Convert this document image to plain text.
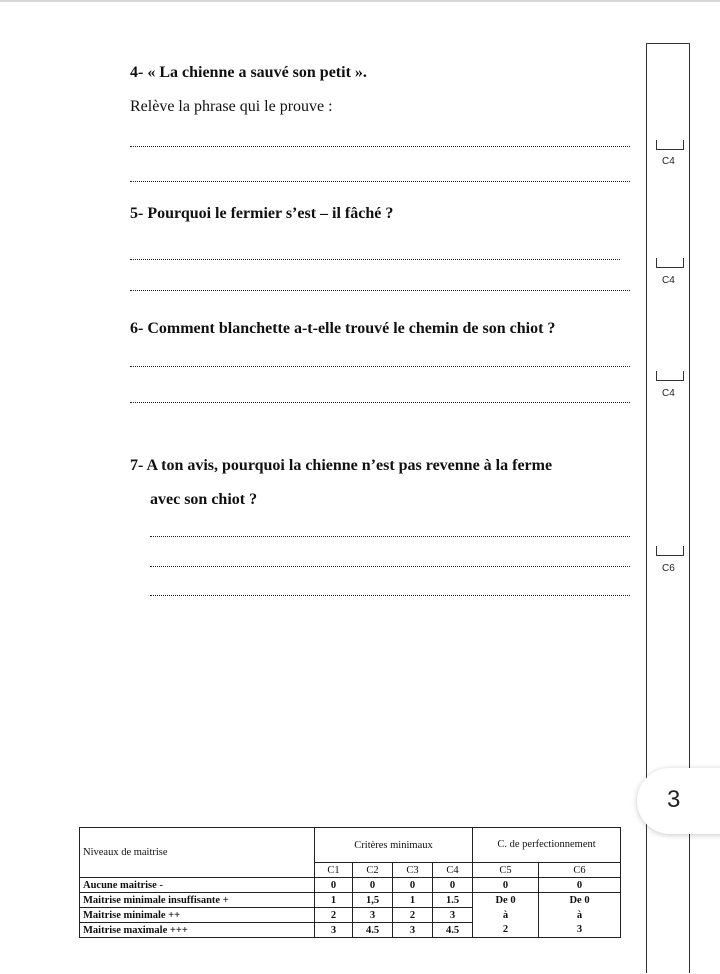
4- « La chienne a sauvé son petit ».
Relève la phrase qui le prouve :
5- Pourquoi le fermier s’est – il fâché ?
6- Comment blanchette a-t-elle trouvé le chemin de son chiot ?
7- A ton avis, pourquoi la chienne n’est pas revenne à la ferme
avec son chiot ?
C4
C4
C4
C6
3
Niveaux de maitrise	Critères minimaux				C. de perfectionnement	
	C1	C2	C3	C4	C5	C6
Aucune maitrise -	0	0	0	0	0	0
Maitrise minimale insuffisante +	1	1,5	1	1.5	De 0	De 0
Maitrise minimale ++	2	3	2	3	à	à
Maitrise maximale +++	3	4.5	3	4.5	2	3
